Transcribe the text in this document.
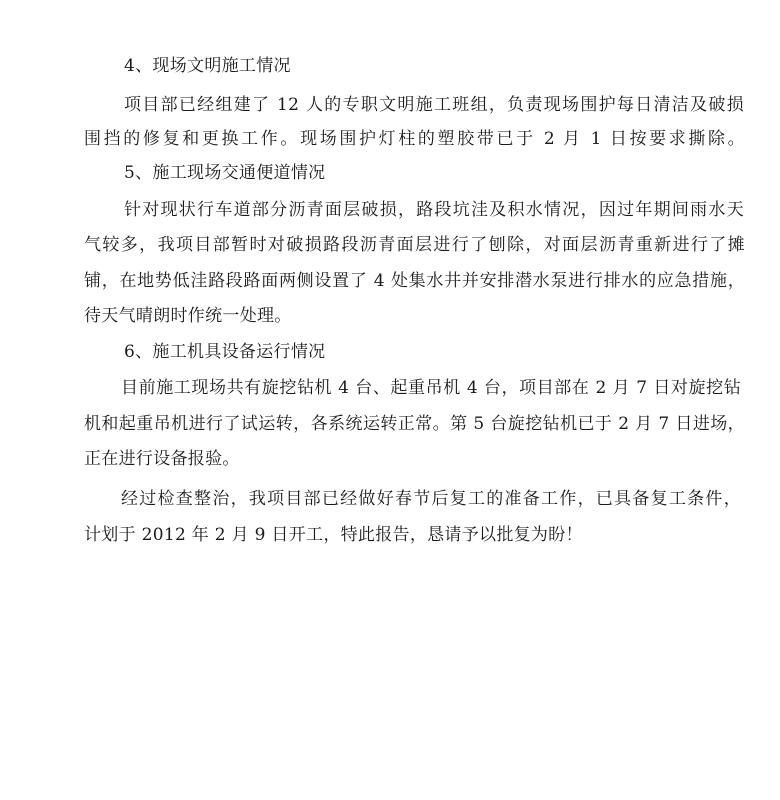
4、现场文明施工情况
项目部已经组建了 12 人的专职文明施工班组，负责现场围护每日清洁及破损
围挡的修复和更换工作。现场围护灯柱的塑胶带已于 2 月 1 日按要求撕除。
5、施工现场交通便道情况
针对现状行车道部分沥青面层破损，路段坑洼及积水情况，因过年期间雨水天
气较多，我项目部暂时对破损路段沥青面层进行了刨除，对面层沥青重新进行了摊
铺，在地势低洼路段路面两侧设置了 4 处集水井并安排潜水泵进行排水的应急措施，
待天气晴朗时作统一处理。
6、施工机具设备运行情况
目前施工现场共有旋挖钻机 4 台、起重吊机 4 台，项目部在 2 月 7 日对旋挖钻
机和起重吊机进行了试运转，各系统运转正常。第 5 台旋挖钻机已于 2 月 7 日进场，
正在进行设备报验。
经过检查整治，我项目部已经做好春节后复工的准备工作，已具备复工条件，
计划于 2012 年 2 月 9 日开工，特此报告，恳请予以批复为盼！
